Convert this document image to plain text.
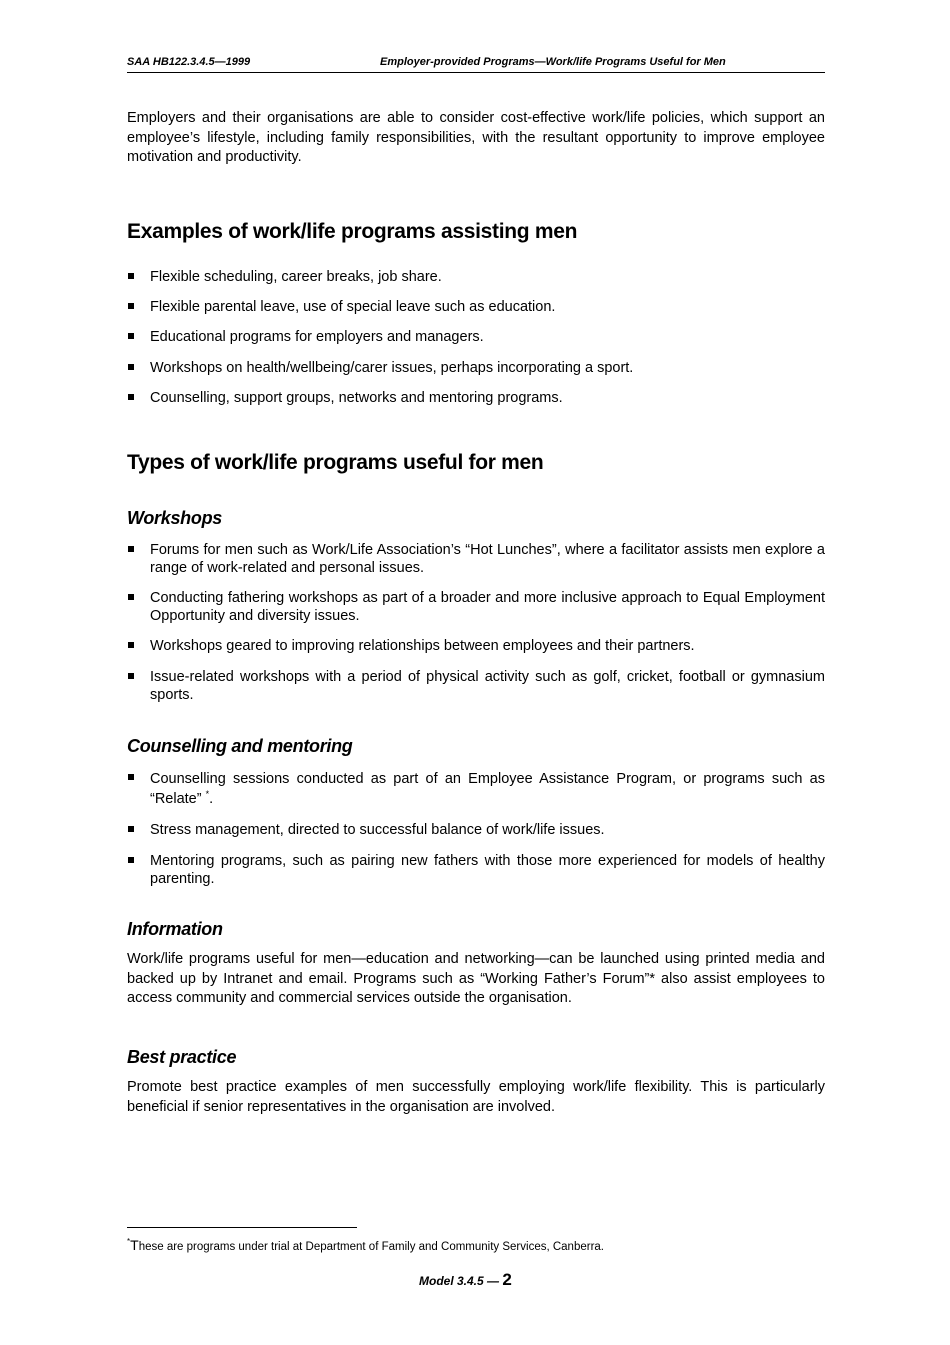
SAA HB122.3.4.5—1999	Employer-provided Programs—Work/life Programs Useful for Men

Employers and their organisations are able to consider cost-effective work/life policies, which support an employee’s lifestyle, including family responsibilities, with the resultant opportunity to improve employee motivation and productivity.

Examples of work/life programs assisting men
Flexible scheduling, career breaks, job share.
Flexible parental leave, use of special leave such as education.
Educational programs for employers and managers.
Workshops on health/wellbeing/carer issues, perhaps incorporating a sport.
Counselling, support groups, networks and mentoring programs.
Types of work/life programs useful for men
Workshops
Forums for men such as Work/Life Association’s “Hot Lunches”, where a facilitator assists men explore a range of work-related and personal issues.
Conducting fathering workshops as part of a broader and more inclusive approach to Equal Employment Opportunity and diversity issues.
Workshops geared to improving relationships between employees and their partners.
Issue-related workshops with a period of physical activity such as golf, cricket, football or gymnasium sports.
Counselling and mentoring
Counselling sessions conducted as part of an Employee Assistance Program, or programs such as “Relate” *.
Stress management, directed to successful balance of work/life issues.
Mentoring programs, such as pairing new fathers with those more experienced for models of healthy parenting.
Information

Work/life programs useful for men—education and networking—can be launched using printed media and backed up by Intranet and email. Programs such as “Working Father’s Forum”* also assist employees to access community and commercial services outside the organisation.

Best practice

Promote best practice examples of men successfully employing work/life flexibility. This is particularly beneficial if senior representatives in the organisation are involved.

*These are programs under trial at Department of Family and Community Services, Canberra.
Model 3.4.5 — 2
